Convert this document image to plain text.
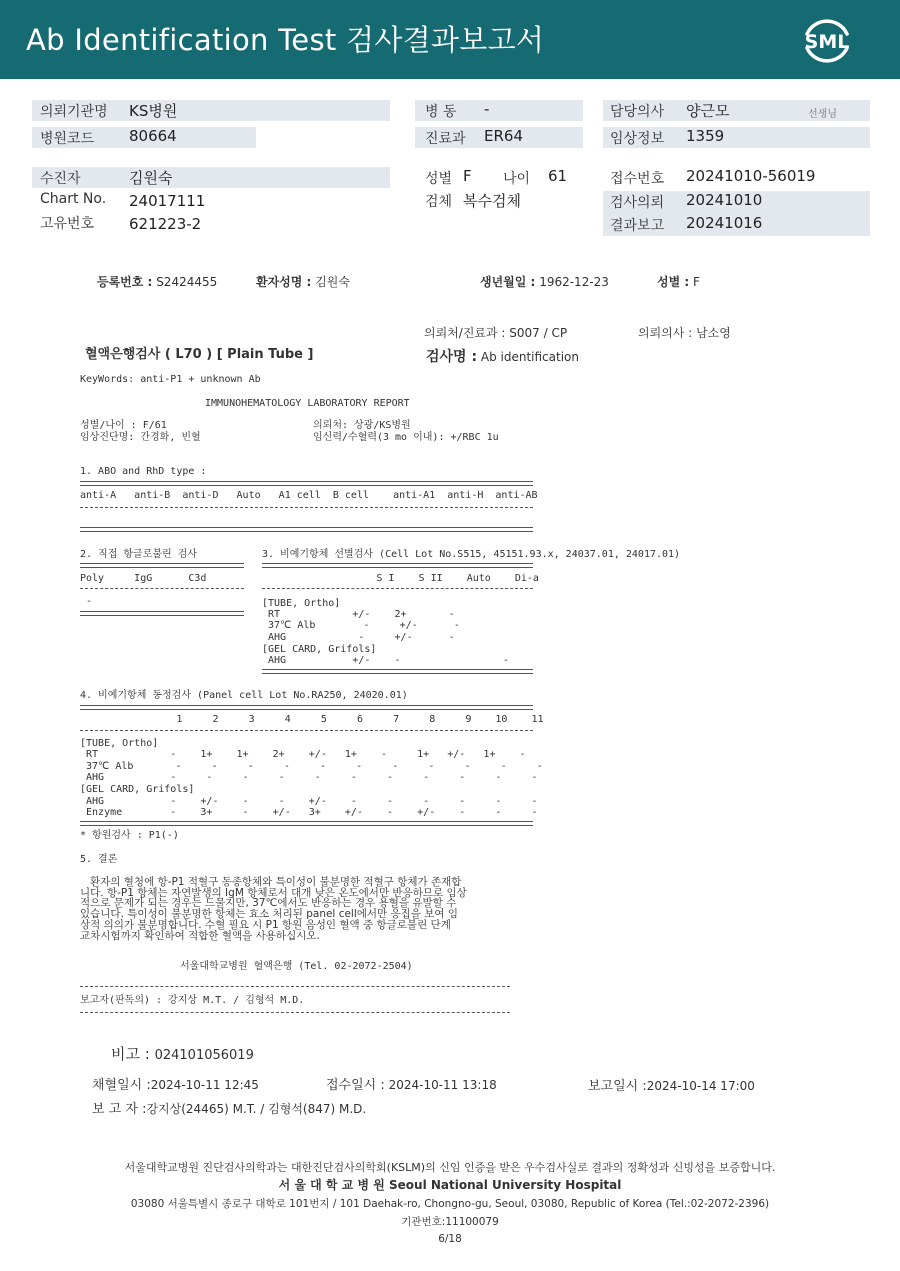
Ab Identification Test 검사결과보고서	SML
의뢰기관명 KS병원
병원코드 80664
병 동 -
진료과 ER64
담당의사 양근모	선생님
임상정보 1359
수진자	김원숙
Chart No. 24017111
고유번호 621223-2
성별 F 나이 61
검체 복수검체
접수번호 20241010-56019
검사의뢰 20241010
결과보고 20241016
등록번호 : S2424455	환자성명 : 김원숙	생년월일 : 1962-12-23	성별 : F
의뢰처/진료과 : S007 / CP	의뢰의사 : 남소영
혈액은행검사 ( L70 ) [ Plain Tube ]	검사명 : Ab identification
KeyWords: anti-P1 + unknown Ab
IMMUNOHEMATOLOGY LABORATORY REPORT
성별/나이 : F/61
임상진단명: 간경화, 빈혈
의뢰처: 상광/KS병원
임신력/수혈력(3 mo 이내): +/RBC 1u
1. ABO and RhD type :
anti-A   anti-B  anti-D   Auto   A1 cell  B cell    anti-A1  anti-H  anti-AB
2. 직접 항글로불린 검사	3. 비예기항체 선별검사 (Cell Lot No.S515, 45151.93.x, 24037.01, 24017.01)
Poly     IgG      C3d
-
S I    S II    Auto    Di-a
[TUBE, Ortho]
RT            +/-    2+       -
37℃ Alb        -     +/-      -
AHG            -     +/-      -
[GEL CARD, Grifols]
AHG           +/-    -                 -
4. 비예기항체 동정검사 (Panel cell Lot No.RA250, 24020.01)
1     2     3     4     5     6     7     8     9    10    11
[TUBE, Ortho]
RT            -    1+    1+    2+    +/-   1+    -     1+   +/-   1+    -
37℃ Alb       -     -     -     -     -     -     -     -     -     -     -
AHG           -     -     -     -     -     -     -     -     -     -     -
[GEL CARD, Grifols]
AHG           -    +/-    -     -    +/-    -     -     -     -     -     -
Enzyme        -    3+     -    +/-   3+    +/-    -    +/-    -     -     -
* 항원검사 : P1(-)
5. 결론
환자의 혈청에 항-P1 적혈구 동종항체와 특이성이 불분명한 적혈구 항체가 존재합
니다. 항-P1 항체는 자연발생의 IgM 항체로서 대개 낮은 온도에서만 반응하므로 임상
적으로 문제가 되는 경우는 드물지만, 37℃에서도 반응하는 경우 용혈을 유발할 수
있습니다. 특이성이 불분명한 항체는 효소 처리된 panel cell에서만 응집을 보여 임
상적 의의가 불분명합니다. 수혈 필요 시 P1 항원 음성인 혈액 중 항글로불린 단계
교차시험까지 확인하여 적합한 혈액을 사용하십시오.
서울대학교병원 혈액은행 (Tel. 02-2072-2504)
보고자(판독의) : 강지상 M.T. / 김형석 M.D.
비고 : 024101056019
채혈일시 :2024-10-11 12:45	접수일시 : 2024-10-11 13:18	보고일시 :2024-10-14 17:00
보 고 자 :강지상(24465) M.T. / 김형석(847) M.D.
서울대학교병원 진단검사의학과는 대한진단검사의학회(KSLM)의 신임 인증을 받은 우수검사실로 결과의 정확성과 신빙성을 보증합니다.
서 울 대 학 교 병 원 Seoul National University Hospital
03080 서울특별시 종로구 대학로 101번지 / 101 Daehak-ro, Chongno-gu, Seoul, 03080, Republic of Korea (Tel.:02-2072-2396)
기관번호:11100079
6/18
